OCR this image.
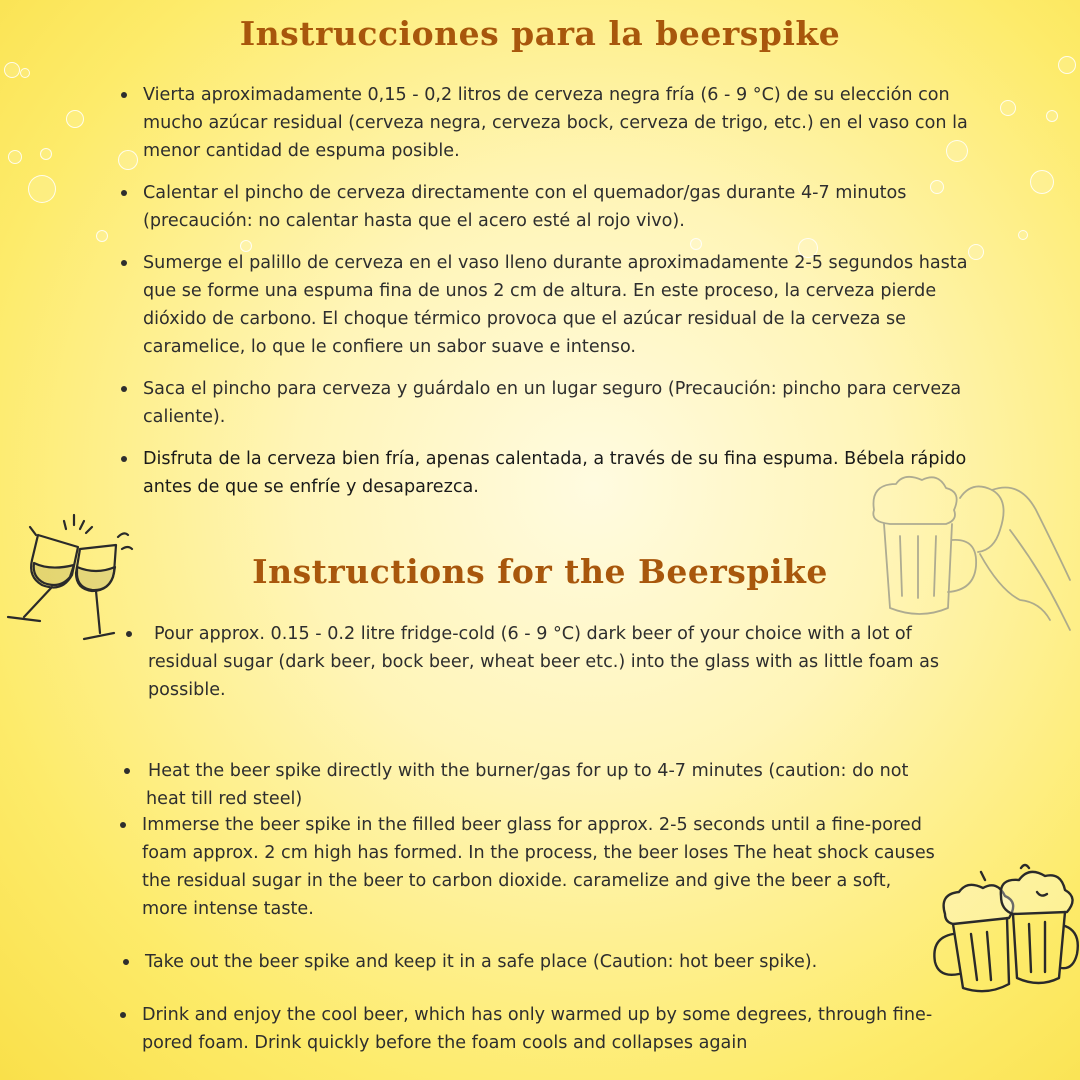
Instrucciones para la beerspike
Vierta aproximadamente 0,15 - 0,2 litros de cerveza negra fría (6 - 9 °C) de su elección con mucho azúcar residual (cerveza negra, cerveza bock, cerveza de trigo, etc.) en el vaso con la menor cantidad de espuma posible.
Calentar el pincho de cerveza directamente con el quemador/gas durante 4-7 minutos (precaución: no calentar hasta que el acero esté al rojo vivo).
Sumerge el palillo de cerveza en el vaso lleno durante aproximadamente 2-5 segundos hasta que se forme una espuma fina de unos 2 cm de altura. En este proceso, la cerveza pierde dióxido de carbono. El choque térmico provoca que el azúcar residual de la cerveza se caramelice, lo que le confiere un sabor suave e intenso.
Saca el pincho para cerveza y guárdalo en un lugar seguro (Precaución: pincho para cerveza caliente).
Disfruta de la cerveza bien fría, apenas calentada, a través de su fina espuma. Bébela rápido antes de que se enfríe y desaparezca.
Instructions for the Beerspike
Pour approx. 0.15 - 0.2 litre fridge-cold (6 - 9 °C) dark beer of your choice with a lot of residual sugar (dark beer, bock beer, wheat beer etc.) into the glass with as little foam as possible.
Heat the beer spike directly with the burner/gas for up to 4-7 minutes (caution: do not heat till red steel)
Immerse the beer spike in the filled beer glass for approx. 2-5 seconds until a fine-pored foam approx. 2 cm high has formed. In the process, the beer loses The heat shock causes the residual sugar in the beer to carbon dioxide. caramelize and give the beer a soft, more intense taste.
Take out the beer spike and keep it in a safe place (Caution: hot beer spike).
Drink and enjoy the cool beer, which has only warmed up by some degrees, through fine-pored foam. Drink quickly before the foam cools and collapses again
